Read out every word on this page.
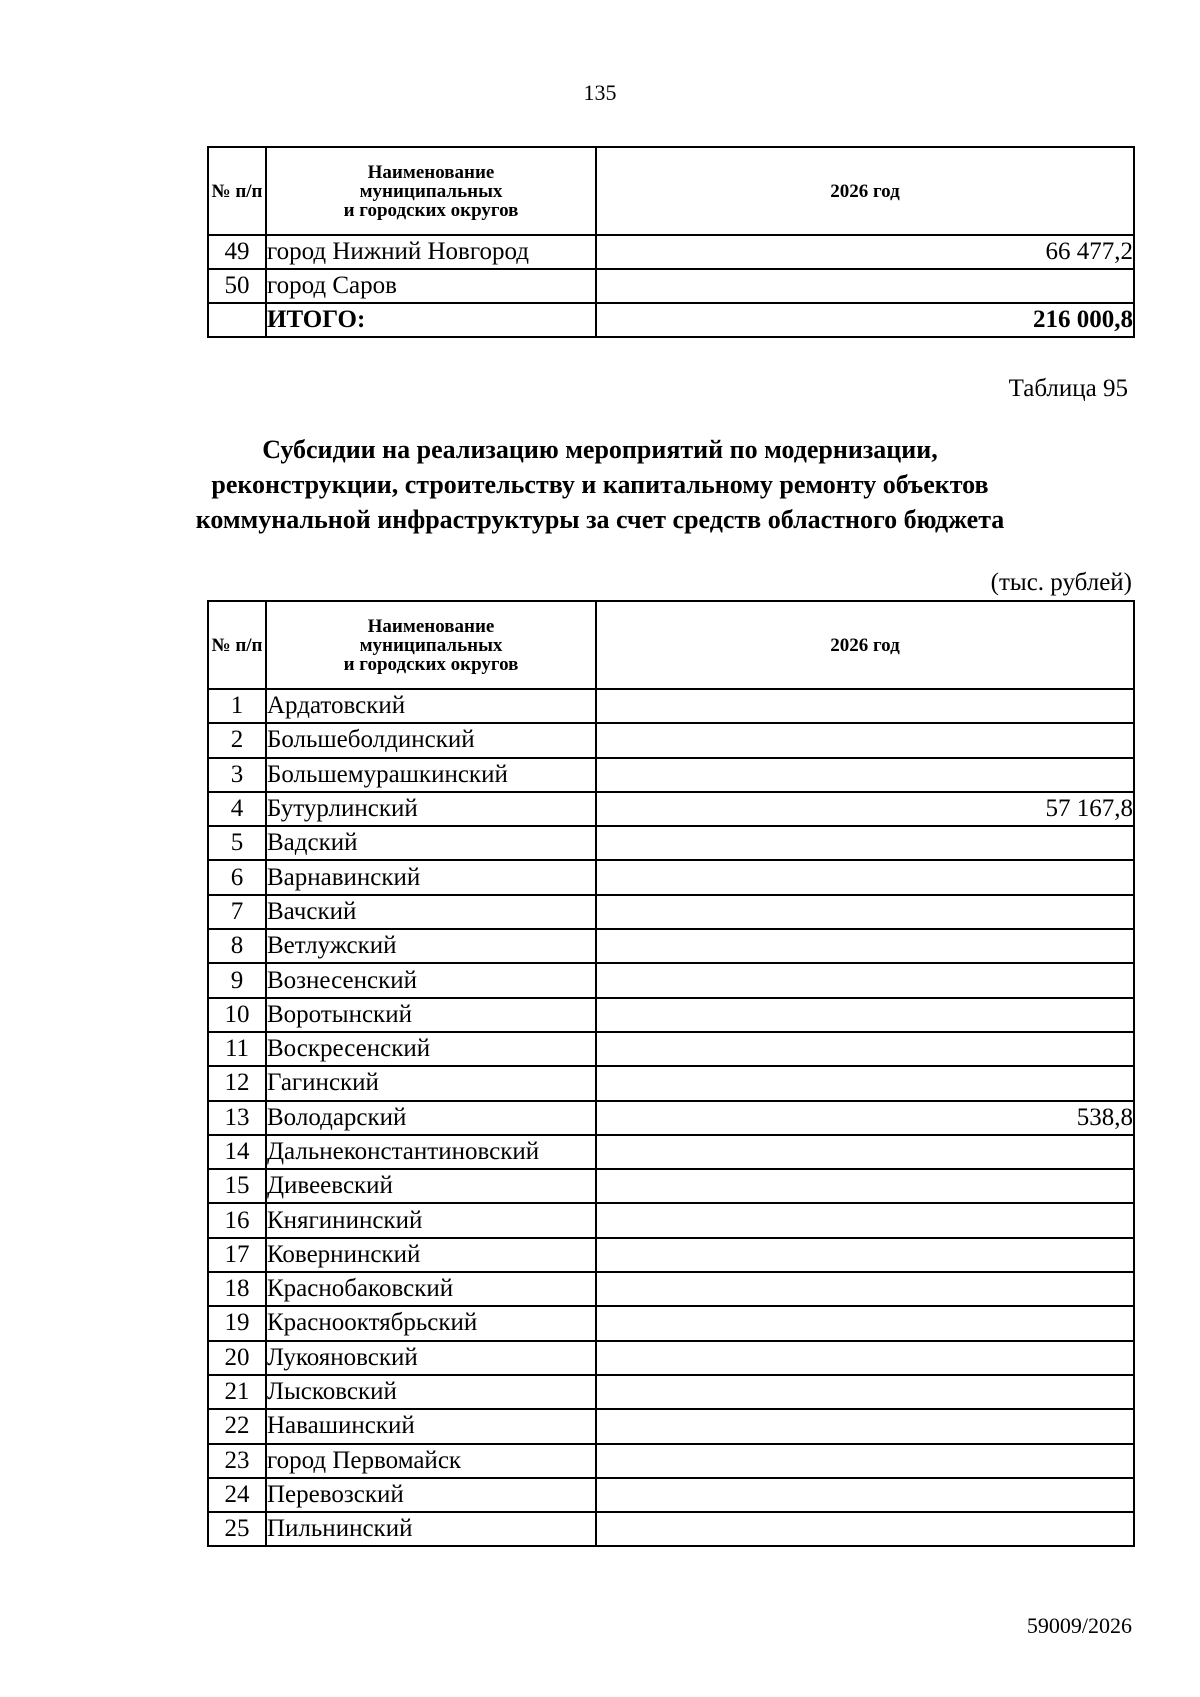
135
№ п/п	Наименование
муниципальных
и городских округов	2026 год
49	город Нижний Новгород	66 477,2
50	город Саров	
	ИТОГО:	216 000,8
Таблица 95
Субсидии на реализацию мероприятий по модернизации,
реконструкции, строительству и капитальному ремонту объектов
коммунальной инфраструктуры за счет средств областного бюджета
(тыс. рублей)
№ п/п	Наименование
муниципальных
и городских округов	2026 год
1	Ардатовский	
2	Большеболдинский	
3	Большемурашкинский	
4	Бутурлинский	57 167,8
5	Вадский	
6	Варнавинский	
7	Вачский	
8	Ветлужский	
9	Вознесенский	
10	Воротынский	
11	Воскресенский	
12	Гагинский	
13	Володарский	538,8
14	Дальнеконстантиновский	
15	Дивеевский	
16	Княгининский	
17	Ковернинский	
18	Краснобаковский	
19	Краснооктябрьский	
20	Лукояновский	
21	Лысковский	
22	Навашинский	
23	город Первомайск	
24	Перевозский	
25	Пильнинский	
59009/2026
